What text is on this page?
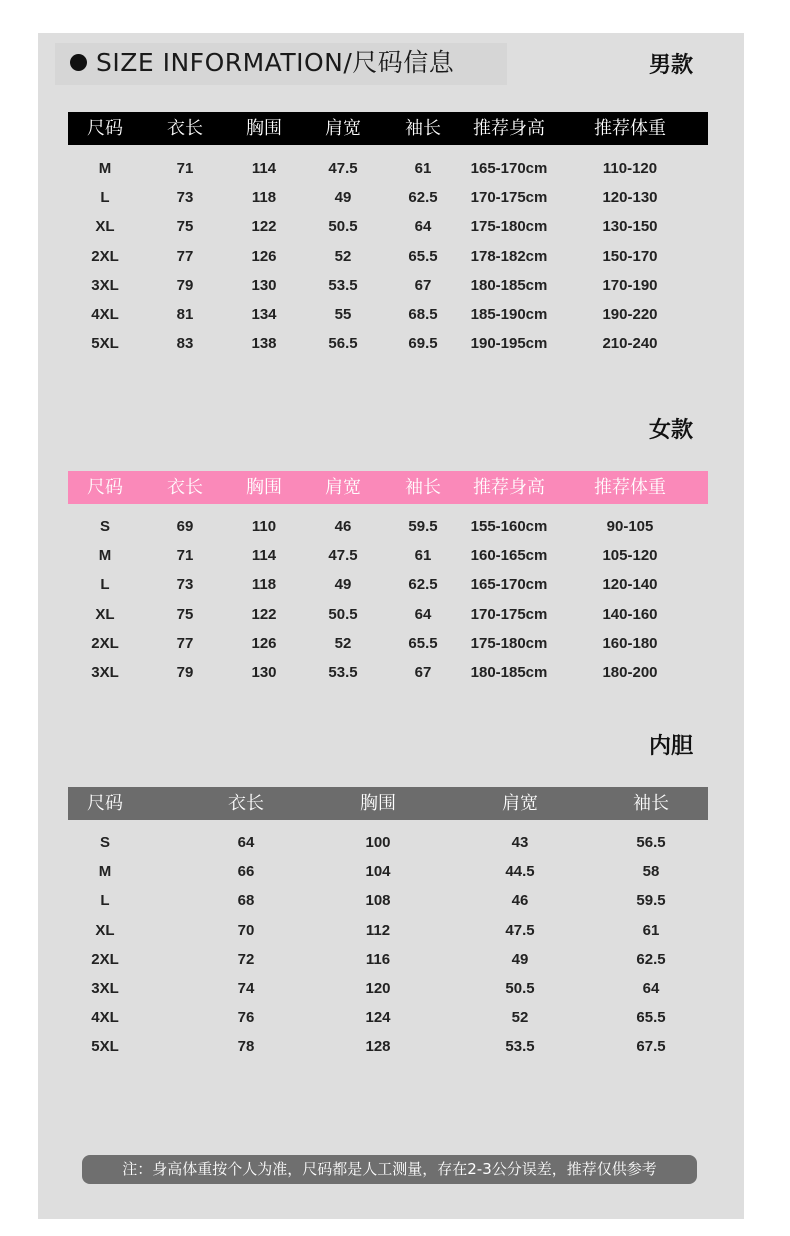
SIZE INFORMATION/尺码信息	男款
尺码 衣长 胸围 肩宽 袖长 推荐身高	推荐体重
M	71	114	47.5	61	165-170cm	110-120
L	73	118	49	62.5 170-175cm	120-130
XL	75	122	50.5	64	175-180cm	130-150
2XL	77	126	52	65.5 178-182cm	150-170
3XL	79	130	53.5	67	180-185cm	170-190
4XL	81	134	55	68.5 185-190cm	190-220
5XL	83	138	56.5	69.5 190-195cm	210-240
女款
尺码 衣长 胸围 肩宽 袖长 推荐身高	推荐体重
S	69	110	46	59.5 155-160cm	90-105
M	71	114	47.5	61	160-165cm	105-120
L	73	118	49	62.5 165-170cm	120-140
XL	75	122	50.5	64	170-175cm	140-160
2XL	77	126	52	65.5 175-180cm	160-180
3XL	79	130	53.5	67	180-185cm	180-200
内胆
尺码	衣长	胸围	肩宽	袖长
S	64	100	43	56.5
M	66	104	44.5	58
L	68	108	46	59.5
XL	70	112	47.5	61
2XL	72	116	49	62.5
3XL	74	120	50.5	64
4XL	76	124	52	65.5
5XL	78	128	53.5	67.5
注：身高体重按个人为准，尺码都是人工测量，存在2-3公分误差，推荐仅供参考
